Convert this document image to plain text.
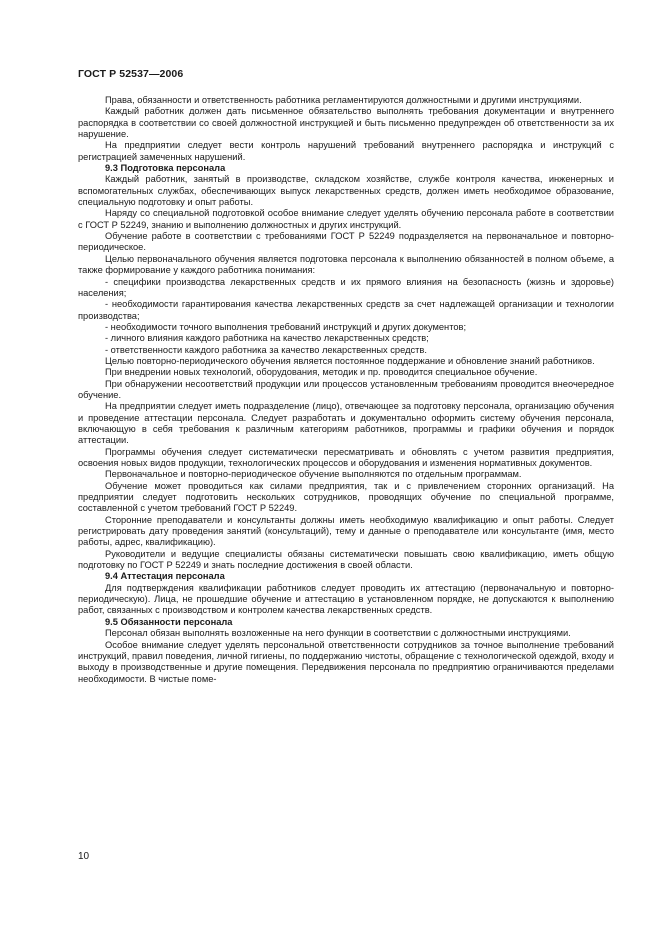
ГОСТ Р 52537—2006

Права, обязанности и ответственность работника регламентируются должностными и другими инструкциями.

Каждый работник должен дать письменное обязательство выполнять требования документации и внутреннего распорядка в соответствии со своей должностной инструкцией и быть письменно предупрежден об ответственности за их нарушение.

На предприятии следует вести контроль нарушений требований внутреннего распорядка и инструкций с регистрацией замеченных нарушений.

9.3 Подготовка персонала

Каждый работник, занятый в производстве, складском хозяйстве, службе контроля качества, инженерных и вспомогательных службах, обеспечивающих выпуск лекарственных средств, должен иметь необходимое образование, специальную подготовку и опыт работы.

Наряду со специальной подготовкой особое внимание следует уделять обучению персонала работе в соответствии с ГОСТ Р 52249, знанию и выполнению должностных и других инструкций.

Обучение работе в соответствии с требованиями ГОСТ Р 52249 подразделяется на первоначальное и повторно-периодическое.

Целью первоначального обучения является подготовка персонала к выполнению обязанностей в полном объеме, а также формирование у каждого работника понимания:

- специфики производства лекарственных средств и их прямого влияния на безопасность (жизнь и здоровье) населения;

- необходимости гарантирования качества лекарственных средств за счет надлежащей организации и технологии производства;

- необходимости точного выполнения требований инструкций и других документов;

- личного влияния каждого работника на качество лекарственных средств;

- ответственности каждого работника за качество лекарственных средств.

Целью повторно-периодического обучения является постоянное поддержание и обновление знаний работников.

При внедрении новых технологий, оборудования, методик и пр. проводится специальное обучение.

При обнаружении несоответствий продукции или процессов установленным требованиям проводится внеочередное обучение.

На предприятии следует иметь подразделение (лицо), отвечающее за подготовку персонала, организацию обучения и проведение аттестации персонала. Следует разработать и документально оформить систему обучения персонала, включающую в себя требования к различным категориям работников, программы и графики обучения и порядок аттестации.

Программы обучения следует систематически пересматривать и обновлять с учетом развития предприятия, освоения новых видов продукции, технологических процессов и оборудования и изменения нормативных документов.

Первоначальное и повторно-периодическое обучение выполняются по отдельным программам.

Обучение может проводиться как силами предприятия, так и с привлечением сторонних организаций. На предприятии следует подготовить нескольких сотрудников, проводящих обучение по специальной программе, составленной с учетом требований ГОСТ Р 52249.

Сторонние преподаватели и консультанты должны иметь необходимую квалификацию и опыт работы. Следует регистрировать дату проведения занятий (консультаций), тему и данные о преподавателе или консультанте (имя, место работы, адрес, квалификацию).

Руководители и ведущие специалисты обязаны систематически повышать свою квалификацию, иметь общую подготовку по ГОСТ Р 52249 и знать последние достижения в своей области.

9.4 Аттестация персонала

Для подтверждения квалификации работников следует проводить их аттестацию (первоначальную и повторно-периодическую). Лица, не прошедшие обучение и аттестацию в установленном порядке, не допускаются к выполнению работ, связанных с производством и контролем качества лекарственных средств.

9.5 Обязанности персонала

Персонал обязан выполнять возложенные на него функции в соответствии с должностными инструкциями.

Особое внимание следует уделять персональной ответственности сотрудников за точное выполнение требований инструкций, правил поведения, личной гигиены, по поддержанию чистоты, обращение с технологической одеждой, входу и выходу в производственные и другие помещения. Передвижения персонала по предприятию ограничиваются пределами необходимости. В чистые поме-

10
